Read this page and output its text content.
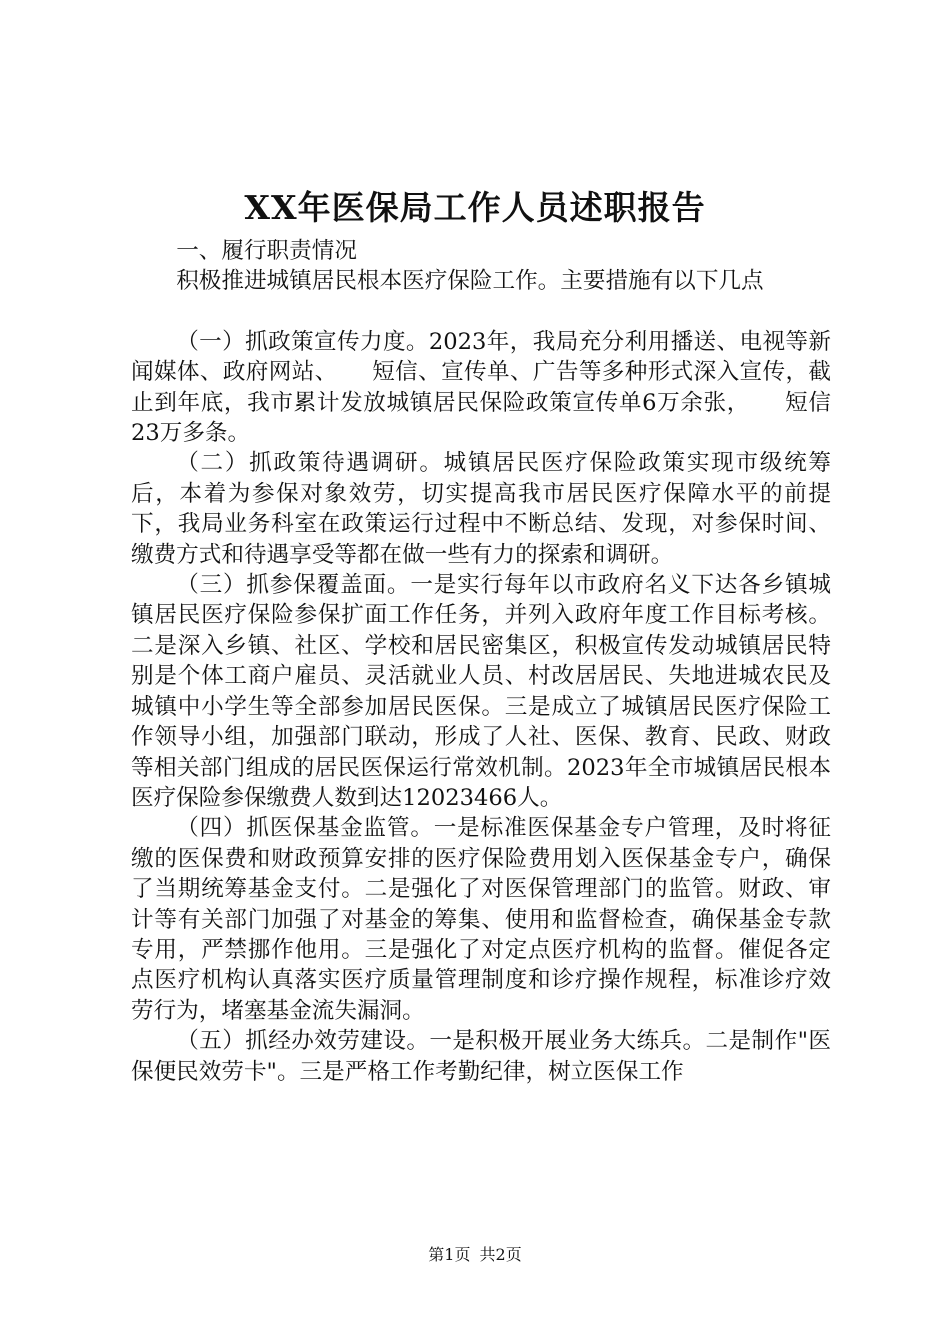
XX年医保局工作人员述职报告

一、履行职责情况

积极推进城镇居民根本医疗保险工作。主要措施有以下几点

（一）抓政策宣传力度。2023年，我局充分利用播送、电视等新闻媒体、政府网站、　　短信、宣传单、广告等多种形式深入宣传，截止到年底，我市累计发放城镇居民保险政策宣传单6万余张，　　短信23万多条。

（二）抓政策待遇调研。城镇居民医疗保险政策实现市级统筹后，本着为参保对象效劳，切实提高我市居民医疗保障水平的前提下，我局业务科室在政策运行过程中不断总结、发现，对参保时间、缴费方式和待遇享受等都在做一些有力的探索和调研。

（三）抓参保覆盖面。一是实行每年以市政府名义下达各乡镇城镇居民医疗保险参保扩面工作任务，并列入政府年度工作目标考核。二是深入乡镇、社区、学校和居民密集区，积极宣传发动城镇居民特别是个体工商户雇员、灵活就业人员、村改居居民、失地进城农民及城镇中小学生等全部参加居民医保。三是成立了城镇居民医疗保险工作领导小组，加强部门联动，形成了人社、医保、教育、民政、财政等相关部门组成的居民医保运行常效机制。2023年全市城镇居民根本医疗保险参保缴费人数到达12023466人。

（四）抓医保基金监管。一是标准医保基金专户管理，及时将征缴的医保费和财政预算安排的医疗保险费用划入医保基金专户，确保了当期统筹基金支付。二是强化了对医保管理部门的监管。财政、审计等有关部门加强了对基金的筹集、使用和监督检查，确保基金专款专用，严禁挪作他用。三是强化了对定点医疗机构的监督。催促各定点医疗机构认真落实医疗质量管理制度和诊疗操作规程，标准诊疗效劳行为，堵塞基金流失漏洞。

（五）抓经办效劳建设。一是积极开展业务大练兵。二是制作"医保便民效劳卡"。三是严格工作考勤纪律，树立医保工作

第1页 共2页
